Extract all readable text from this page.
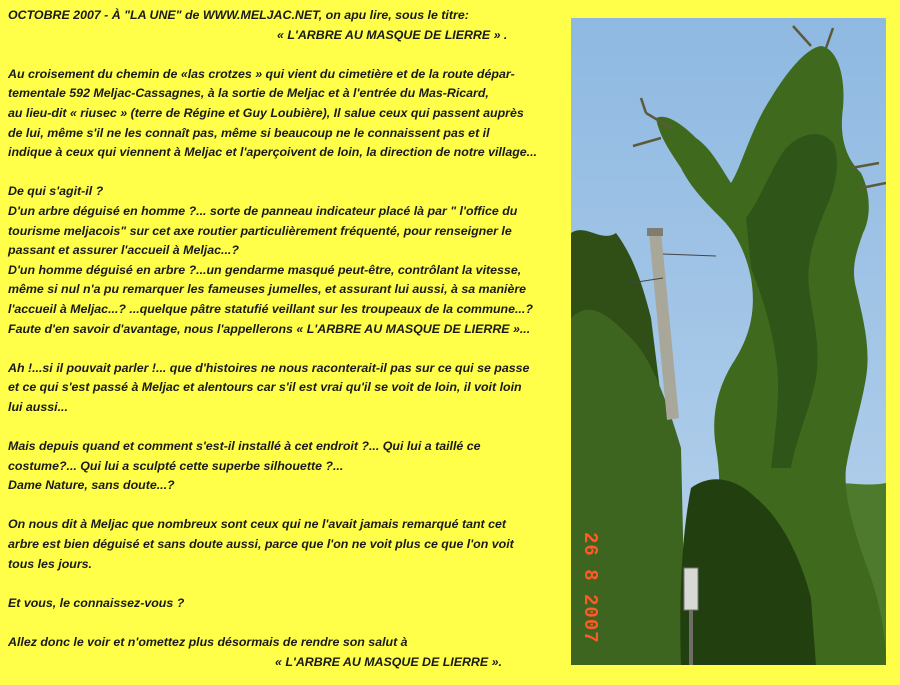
OCTOBRE 2007 - À "LA UNE" de WWW.MELJAC.NET, on apu lire, sous le titre:
« L'ARBRE AU MASQUE DE LIERRE » .
Au croisement du chemin de «las crotzes » qui vient du cimetière et de la route dépar-
tementale 592 Meljac-Cassagnes, à la sortie de Meljac et à l'entrée du Mas-Ricard,
au lieu-dit « riusec » (terre de Régine et Guy Loubière), Il salue ceux qui passent auprès
de lui, même s'il ne les connaît pas, même si beaucoup ne le connaissent pas et il
indique à ceux qui viennent à Meljac et l'aperçoivent de loin, la direction de notre village...
De qui s'agit-il ?
D'un arbre déguisé en homme ?... sorte de panneau indicateur placé là par " l'office du
tourisme meljacois" sur cet axe routier particulièrement fréquenté, pour renseigner le
passant et assurer l'accueil à Meljac...?
D'un homme déguisé en arbre ?...un gendarme masqué peut-être, contrôlant la vitesse,
même si nul n'a pu remarquer les fameuses jumelles, et assurant lui aussi, à sa manière
l'accueil à Meljac...? ...quelque pâtre statufié veillant sur les troupeaux de la commune...?
Faute d'en savoir d'avantage, nous l'appellerons « L'ARBRE AU MASQUE DE LIERRE »...
Ah !...si il pouvait parler !... que d'histoires ne nous raconterait-il pas sur ce qui se passe
et ce qui s'est passé à Meljac et alentours car s'il est vrai qu'il se voit de loin, il voit loin
lui aussi...
Mais depuis quand et comment s'est-il installé à cet endroit ?... Qui lui a taillé ce
costume?... Qui lui a sculpté cette superbe silhouette ?...
Dame Nature, sans doute...?
On nous dit à Meljac que nombreux sont ceux qui ne l'avait jamais remarqué tant cet
arbre est bien déguisé et sans doute aussi, parce que l'on ne voit plus ce que l'on voit
tous les jours.
Et vous, le connaissez-vous ?
Allez donc le voir et n'omettez plus désormais de rendre son salut à
« L'ARBRE AU MASQUE DE LIERRE ».
26 8 2007
